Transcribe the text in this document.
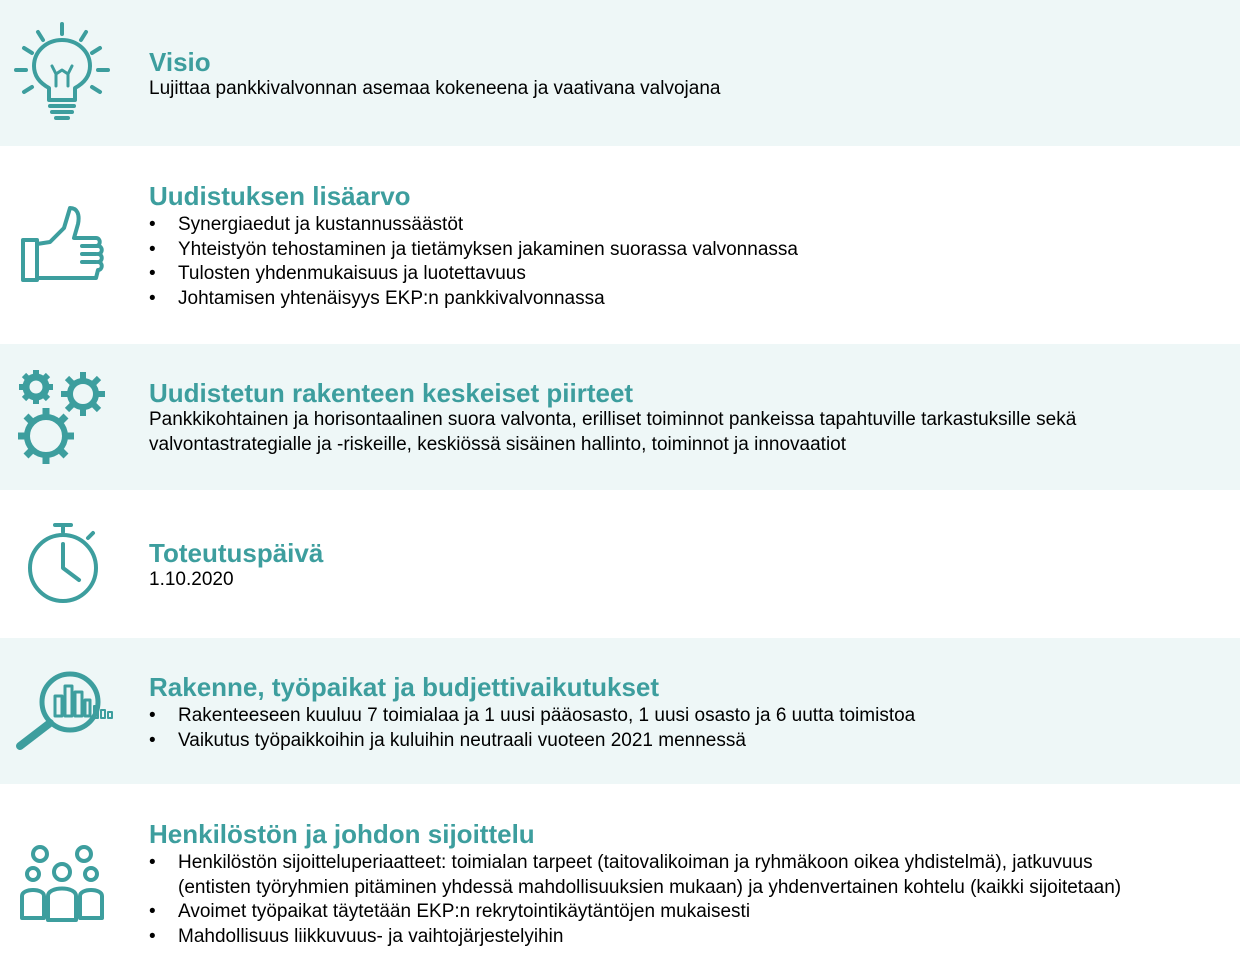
Visio
Lujittaa pankkivalvonnan asemaa kokeneena ja vaativana valvojana
Uudistuksen lisäarvo
•	Synergiaedut ja kustannussäästöt
•	Yhteistyön tehostaminen ja tietämyksen jakaminen suorassa valvonnassa
•	Tulosten yhdenmukaisuus ja luotettavuus
•	Johtamisen yhtenäisyys EKP:n pankkivalvonnassa
Uudistetun rakenteen keskeiset piirteet
Pankkikohtainen ja horisontaalinen suora valvonta, erilliset toiminnot pankeissa tapahtuville tarkastuksille sekä
valvontastrategialle ja -riskeille, keskiössä sisäinen hallinto, toiminnot ja innovaatiot
Toteutuspäivä
1.10.2020
Rakenne, työpaikat ja budjettivaikutukset
•	Rakenteeseen kuuluu 7 toimialaa ja 1 uusi pääosasto, 1 uusi osasto ja 6 uutta toimistoa
•	Vaikutus työpaikkoihin ja kuluihin neutraali vuoteen 2021 mennessä
Henkilöstön ja johdon sijoittelu
•	Henkilöstön sijoitteluperiaatteet: toimialan tarpeet (taitovalikoiman ja ryhmäkoon oikea yhdistelmä), jatkuvuus
(entisten työryhmien pitäminen yhdessä mahdollisuuksien mukaan) ja yhdenvertainen kohtelu (kaikki sijoitetaan)
•	Avoimet työpaikat täytetään EKP:n rekrytointikäytäntöjen mukaisesti
•	Mahdollisuus liikkuvuus- ja vaihtojärjestelyihin
